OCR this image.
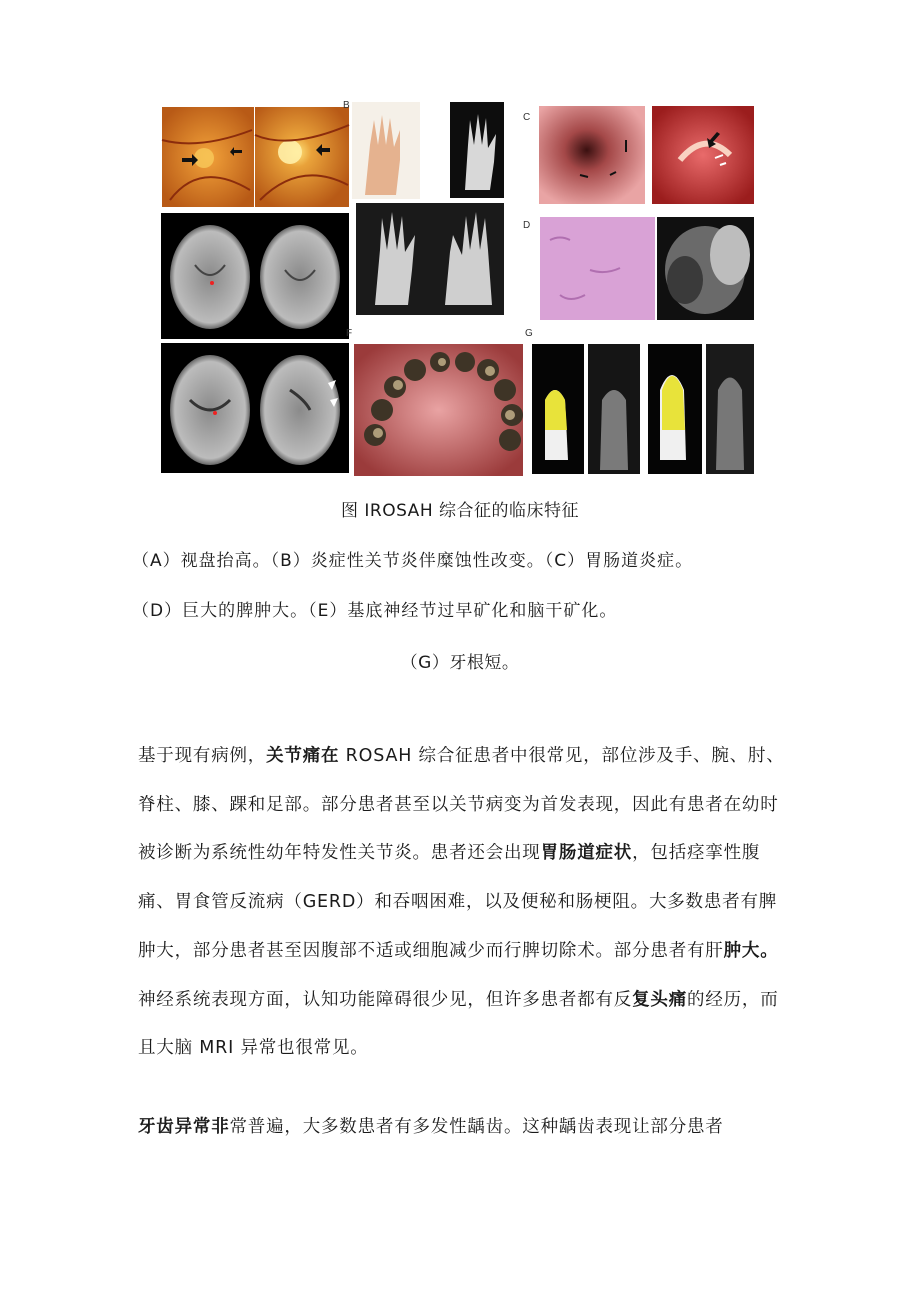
B
C
D
F	G
图 IROSAH 综合征的临床特征
（A）视盘抬高。（B）炎症性关节炎伴糜蚀性改变。（C）胃肠道炎症。
（D）巨大的脾肿大。（E）基底神经节过早矿化和脑干矿化。
（G）牙根短。
基于现有病例，关节痛在 ROSAH 综合征患者中很常见，部位涉及手、腕、肘、脊柱、膝、踝和足部。部分患者甚至以关节病变为首发表现，因此有患者在幼时被诊断为系统性幼年特发性关节炎。患者还会出现胃肠道症状，包括痉挛性腹痛、胃食管反流病（GERD）和吞咽困难，以及便秘和肠梗阻。大多数患者有脾肿大，部分患者甚至因腹部不适或细胞减少而行脾切除术。部分患者有肝肿大。神经系统表现方面，认知功能障碍很少见，但许多患者都有反复头痛的经历，而且大脑 MRI 异常也很常见。
牙齿异常非常普遍，大多数患者有多发性龋齿。这种龋齿表现让部分患者
